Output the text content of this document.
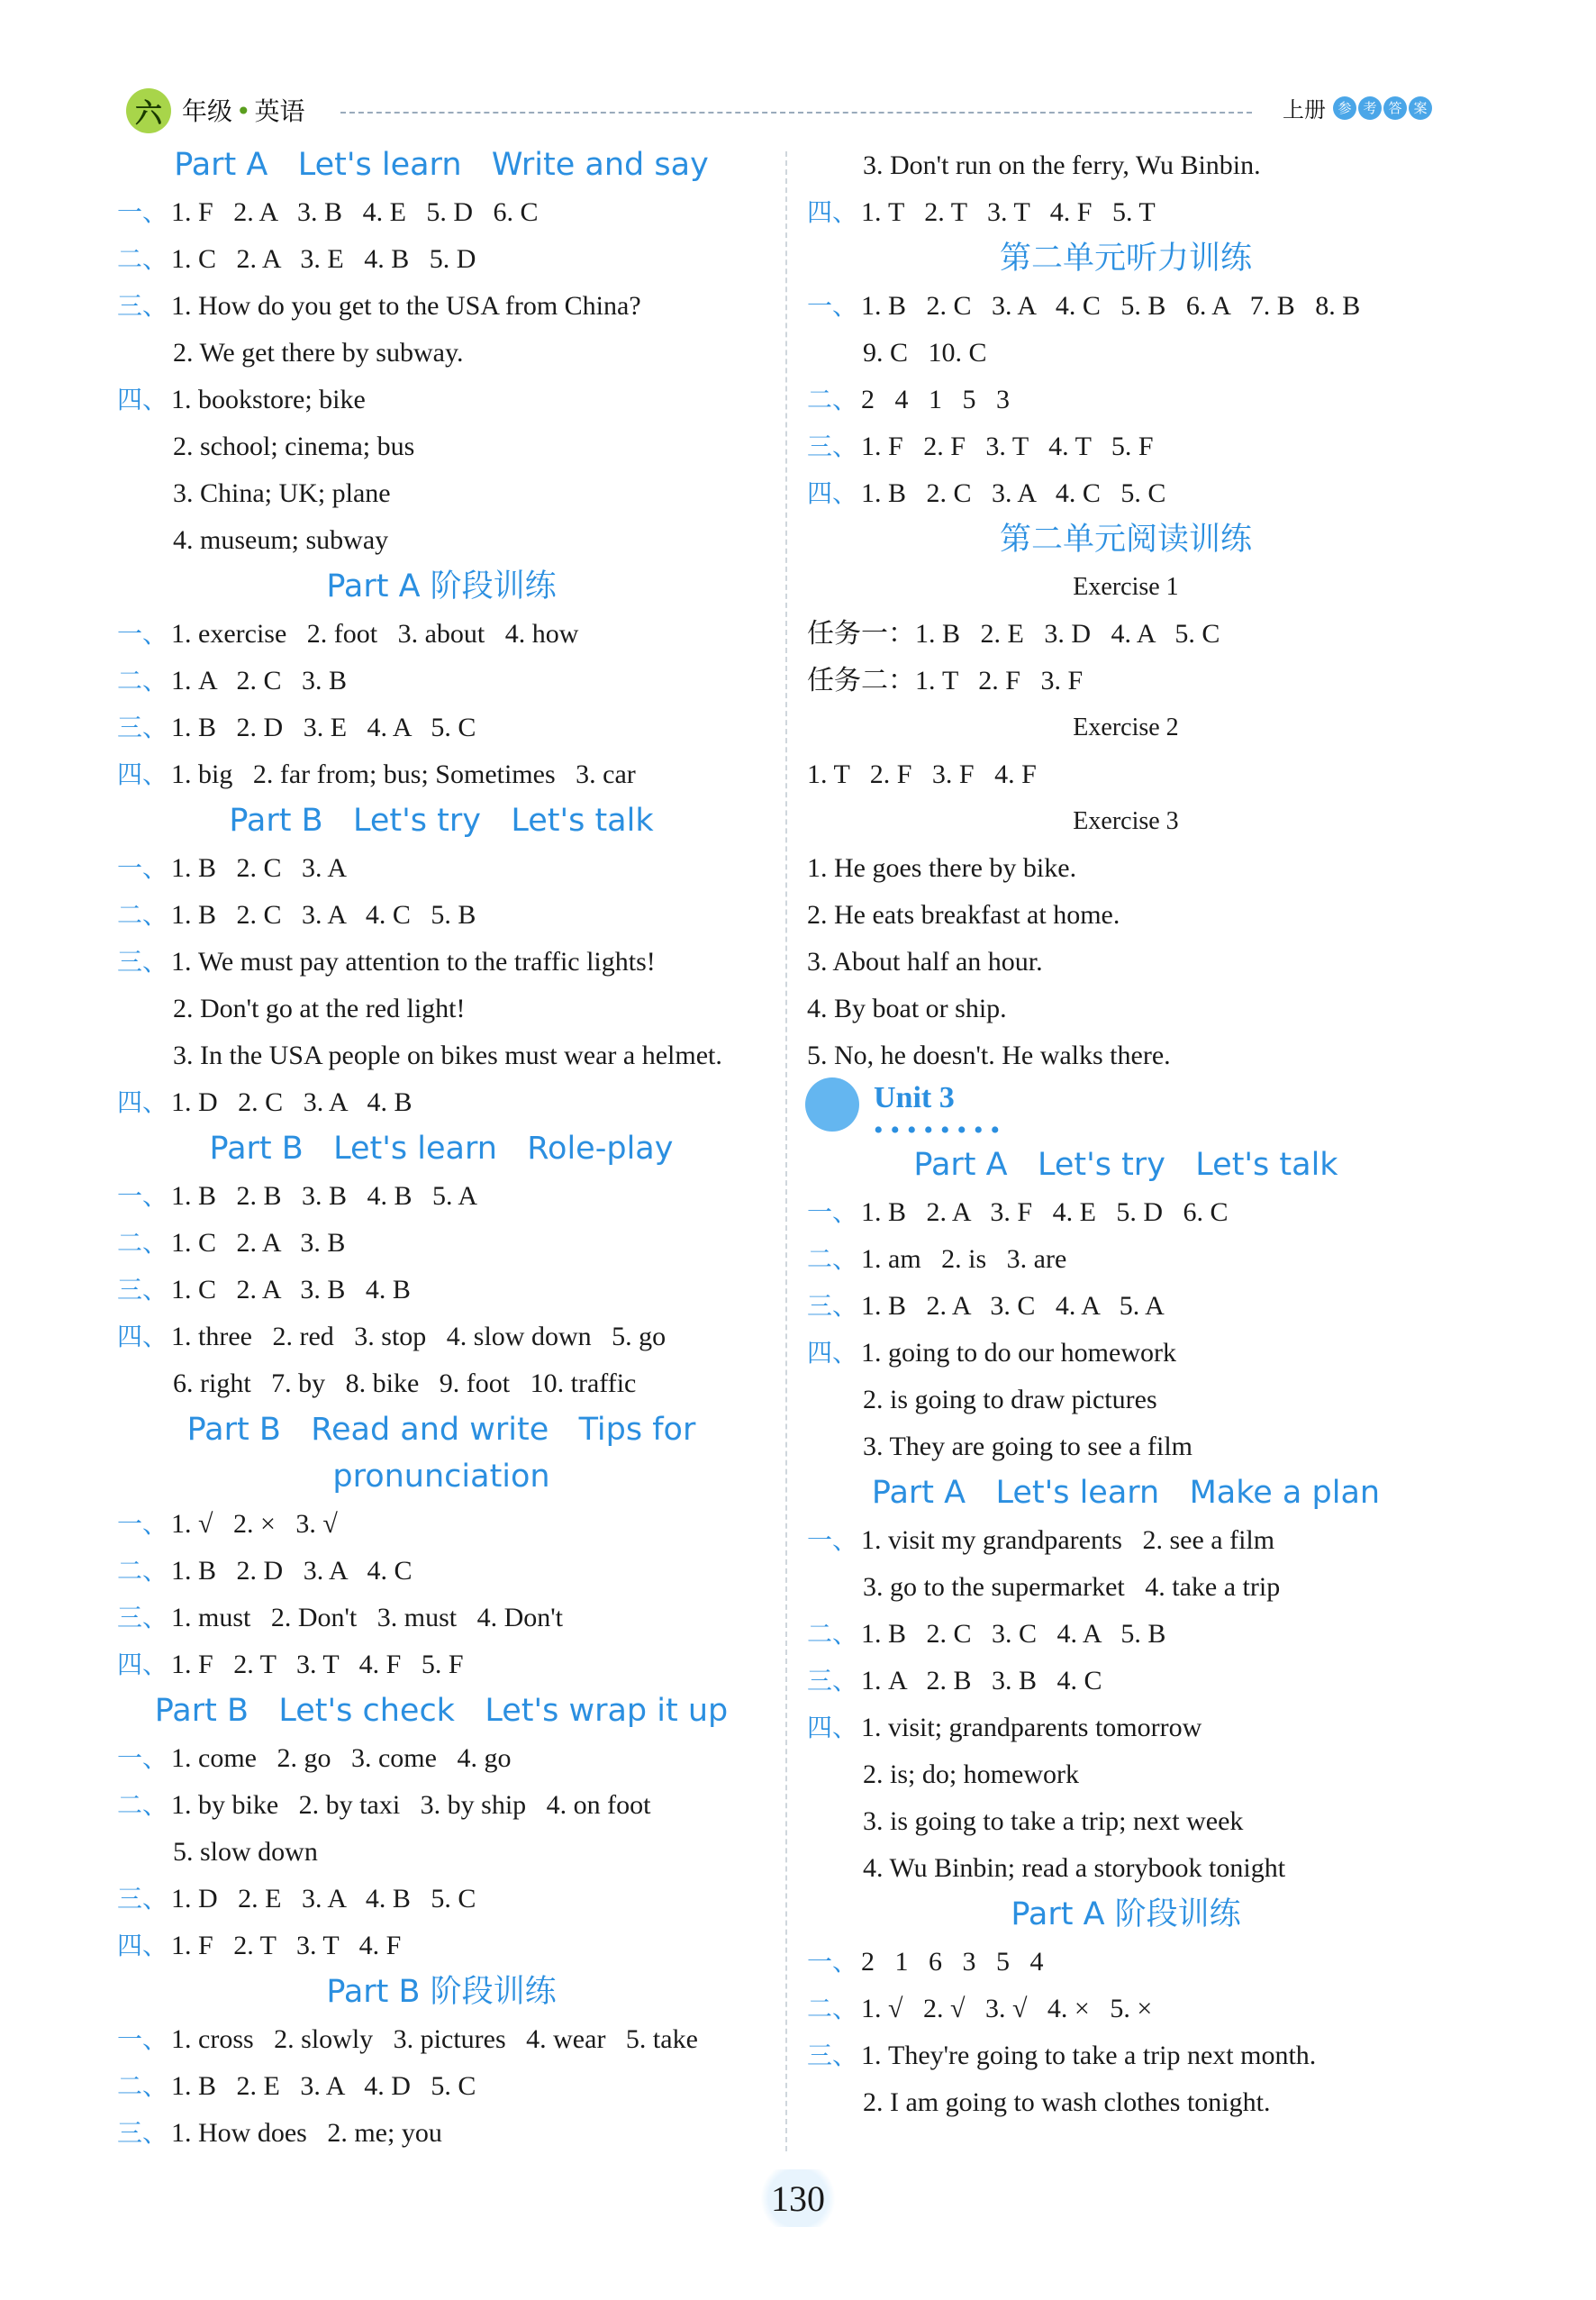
六 年级 • 英语	上册 参 考 答 案
Part A   Let's learn   Write and say
一、 1. F   2. A   3. B   4. E   5. D   6. C
二、 1. C   2. A   3. E   4. B   5. D
三、 1. How do you get to the USA from China?
2. We get there by subway.
四、 1. bookstore; bike
2. school; cinema; bus
3. China; UK; plane
4. museum; subway
Part A 阶段训练
一、 1. exercise   2. foot   3. about   4. how
二、 1. A   2. C   3. B
三、 1. B   2. D   3. E   4. A   5. C
四、 1. big   2. far from; bus; Sometimes   3. car
Part B   Let's try   Let's talk
一、 1. B   2. C   3. A
二、 1. B   2. C   3. A   4. C   5. B
三、 1. We must pay attention to the traffic lights!
2. Don't go at the red light!
3. In the USA people on bikes must wear a helmet.
四、 1. D   2. C   3. A   4. B
Part B   Let's learn   Role-play
一、 1. B   2. B   3. B   4. B   5. A
二、 1. C   2. A   3. B
三、 1. C   2. A   3. B   4. B
四、 1. three   2. red   3. stop   4. slow down   5. go
6. right   7. by   8. bike   9. foot   10. traffic
Part B   Read and write   Tips for
pronunciation
一、 1. √   2. ×   3. √
二、 1. B   2. D   3. A   4. C
三、 1. must   2. Don't   3. must   4. Don't
四、 1. F   2. T   3. T   4. F   5. F
Part B   Let's check   Let's wrap it up
一、 1. come   2. go   3. come   4. go
二、 1. by bike   2. by taxi   3. by ship   4. on foot
5. slow down
三、 1. D   2. E   3. A   4. B   5. C
四、 1. F   2. T   3. T   4. F
Part B 阶段训练
一、 1. cross   2. slowly   3. pictures   4. wear   5. take
二、 1. B   2. E   3. A   4. D   5. C
三、 1. How does   2. me; you
3. Don't run on the ferry, Wu Binbin.
四、 1. T   2. T   3. T   4. F   5. T
第二单元听力训练
一、 1. B   2. C   3. A   4. C   5. B   6. A   7. B   8. B
9. C   10. C
二、 2   4   1   5   3
三、 1. F   2. F   3. T   4. T   5. F
四、 1. B   2. C   3. A   4. C   5. C
第二单元阅读训练
Exercise 1
任务一：1. B   2. E   3. D   4. A   5. C
任务二：1. T   2. F   3. F
Exercise 2
1. T   2. F   3. F   4. F
Exercise 3
1. He goes there by bike.
2. He eats breakfast at home.
3. About half an hour.
4. By boat or ship.
5. No, he doesn't. He walks there.
Part A   Let's try   Let's talk
一、 1. B   2. A   3. F   4. E   5. D   6. C
二、 1. am   2. is   3. are
三、 1. B   2. A   3. C   4. A   5. A
四、 1. going to do our homework
2. is going to draw pictures
3. They are going to see a film
Part A   Let's learn   Make a plan
一、 1. visit my grandparents   2. see a film
3. go to the supermarket   4. take a trip
二、 1. B   2. C   3. C   4. A   5. B
三、 1. A   2. B   3. B   4. C
四、 1. visit; grandparents tomorrow
2. is; do; homework
3. is going to take a trip; next week
4. Wu Binbin; read a storybook tonight
Part A 阶段训练
一、 2   1   6   3   5   4
二、 1. √   2. √   3. √   4. ×   5. ×
三、 1. They're going to take a trip next month.
2. I am going to wash clothes tonight.
Unit 3
••••••••
130
